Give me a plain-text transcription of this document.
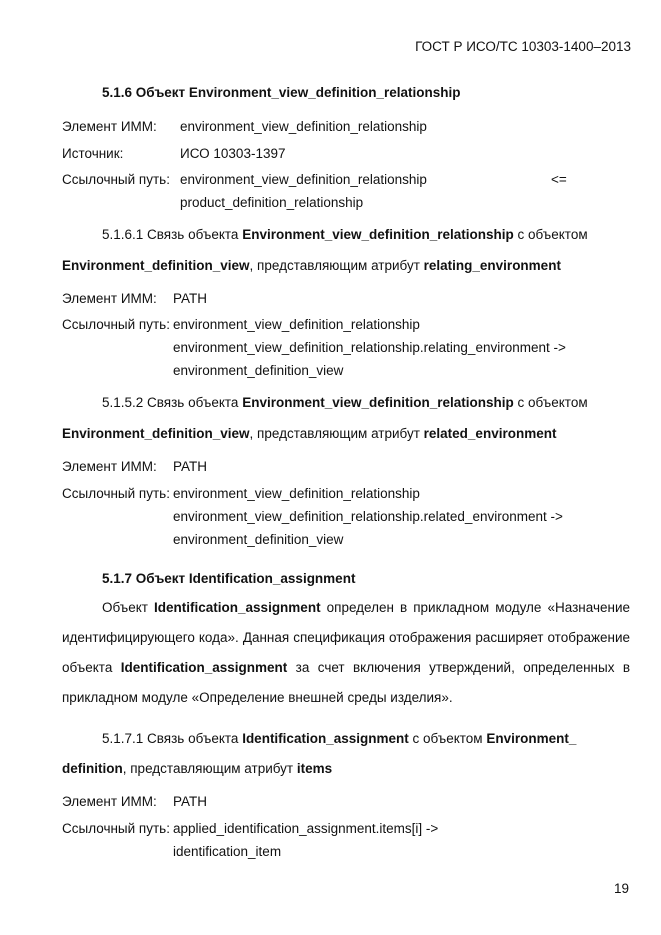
ГОСТ Р ИСО/ТС 10303-1400–2013
5.1.6 Объект Environment_view_definition_relationship
Элемент ИММ: environment_view_definition_relationship
Источник:	ИСО 10303-1397
Ссылочный путь: environment_view_definition_relationship	<=
product_definition_relationship
5.1.6.1 Связь объекта Environment_view_definition_relationship с объектом
Environment_definition_view, представляющим атрибут relating_environment
Элемент ИММ: PATH
Ссылочный путь: environment_view_definition_relationship
environment_view_definition_relationship.relating_environment ->
environment_definition_view
5.1.5.2 Связь объекта Environment_view_definition_relationship с объектом
Environment_definition_view, представляющим атрибут related_environment
Элемент ИММ: PATH
Ссылочный путь: environment_view_definition_relationship
environment_view_definition_relationship.related_environment ->
environment_definition_view
5.1.7 Объект Identification_assignment
Объект Identification_assignment определен в прикладном модуле «Назначение идентифицирующего кода». Данная спецификация отображения расширяет отображение объекта Identification_assignment за счет включения утверждений, определенных в прикладном модуле «Определение внешней среды изделия».
5.1.7.1 Связь объекта Identification_assignment с объектом Environment_
definition, представляющим атрибут items
Элемент ИММ: PATH
Ссылочный путь: applied_identification_assignment.items[i] ->
identification_item
19
